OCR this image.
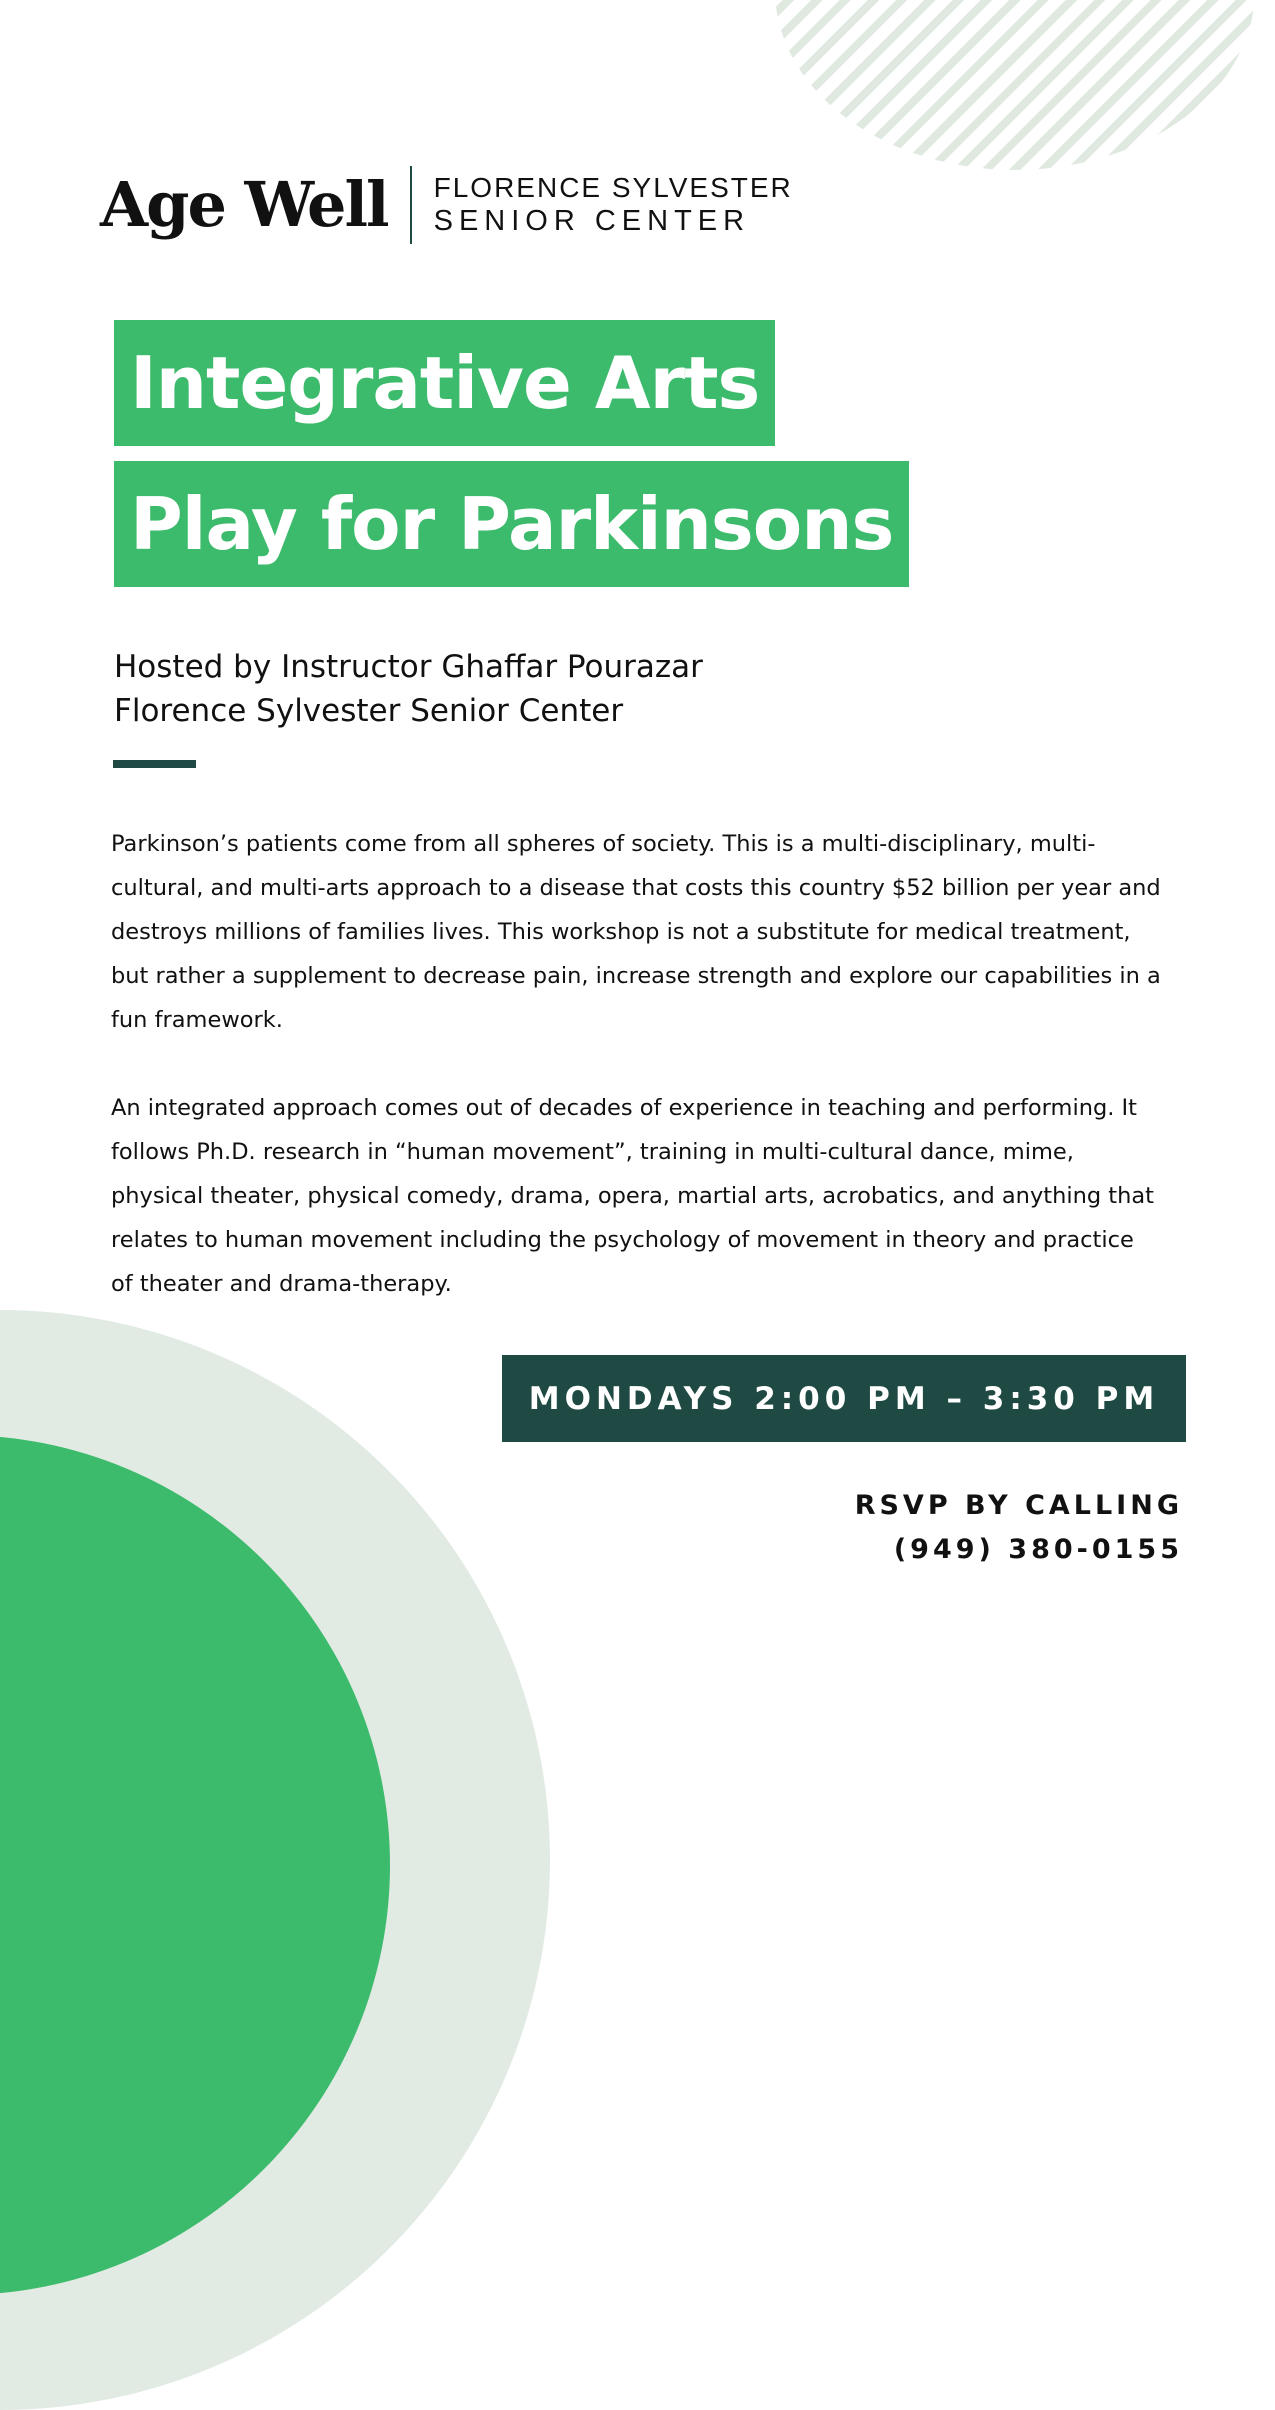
Age Well FLORENCE SYLVESTER
SENIOR CENTER
Integrative Arts
Play for Parkinsons
Hosted by Instructor Ghaffar Pourazar
Florence Sylvester Senior Center

Parkinson’s patients come from all spheres of society. This is a multi-disciplinary, multi-cultural, and multi-arts approach to a disease that costs this country $52 billion per year and destroys millions of families lives. This workshop is not a substitute for medical treatment, but rather a supplement to decrease pain, increase strength and explore our capabilities in a fun framework.

An integrated approach comes out of decades of experience in teaching and performing. It follows Ph.D. research in “human movement”, training in multi-cultural dance, mime, physical theater, physical comedy, drama, opera, martial arts, acrobatics, and anything that relates to human movement including the psychology of movement in theory and practice of theater and drama-therapy.

MONDAYS 2:00 PM – 3:30 PM
RSVP BY CALLING
(949) 380-0155
